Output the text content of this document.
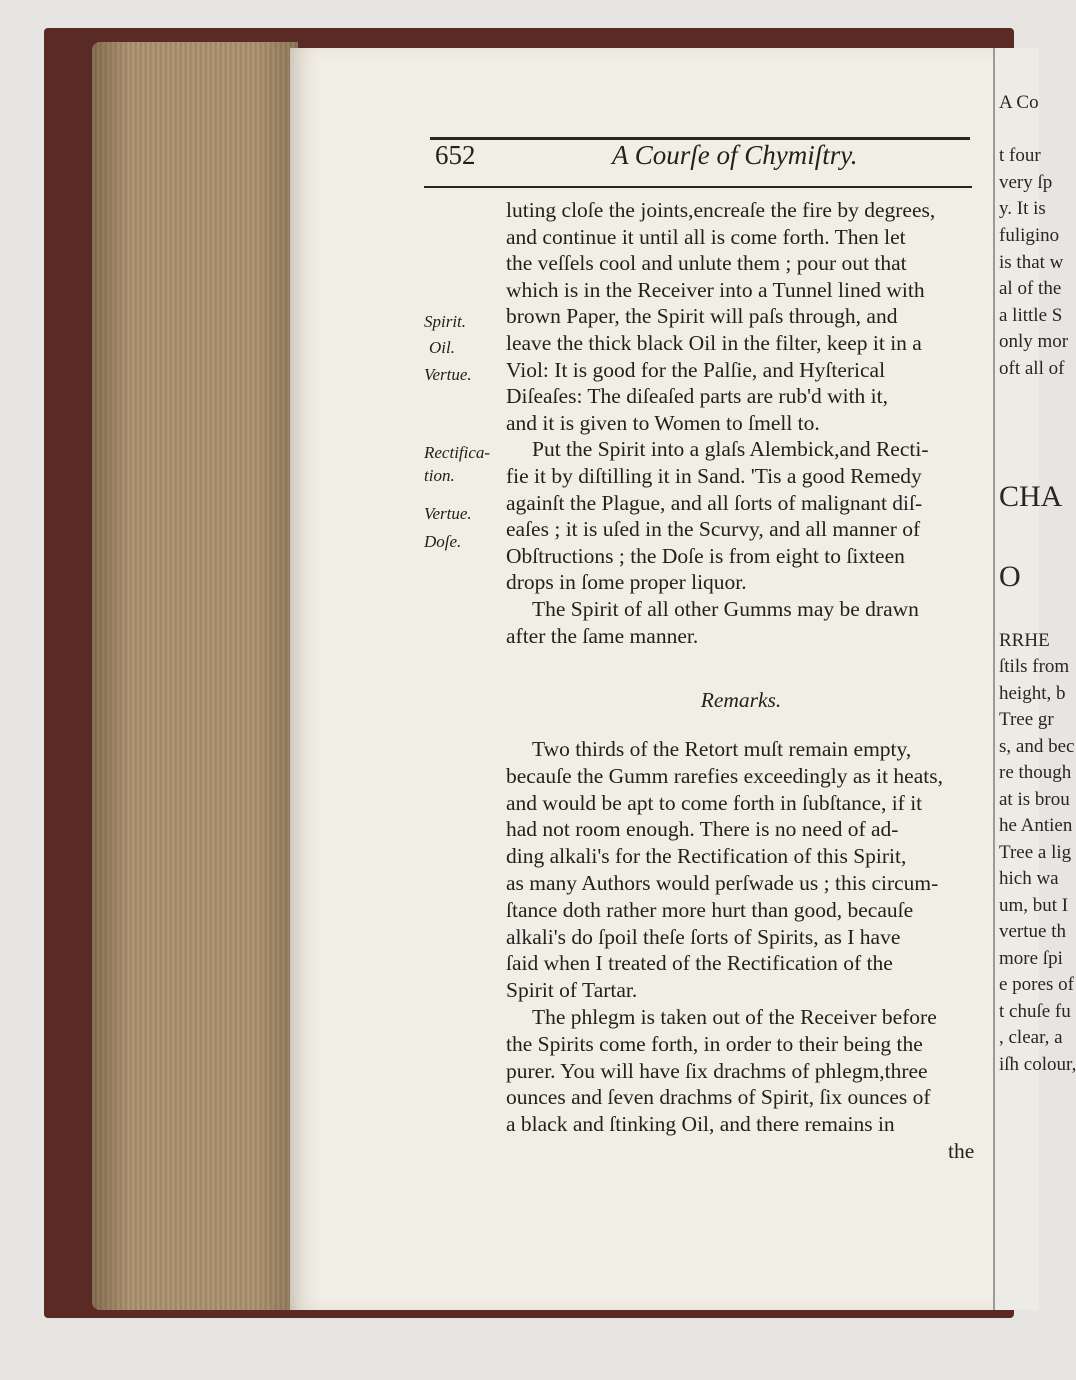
A Co
t four
very ſp
y. It is
fuligino
is that w
al of the
a little S
only mor
oft all of
CHA
O
RRHE
ſtils from
height, b
Tree gr
s, and bec
re though
at is brou
he Antien
Tree a lig
hich wa
um, but I
vertue th
more ſpi
e pores of
t chuſe fu
, clear, a
iſh colour,
652	A Courſe of Chymiſtry.
Spirit.
Oil.
Vertue.
Rectifica-
tion.
Vertue.
Doſe.
luting cloſe the joints,encreaſe the fire by degrees,
and continue it until all is come forth. Then let
the veſſels cool and unlute them ; pour out that
which is in the Receiver into a Tunnel lined with
brown Paper, the Spirit will paſs through, and
leave the thick black Oil in the filter, keep it in a
Viol: It is good for the Palſie, and Hyſterical
Diſeaſes: The diſeaſed parts are rub'd with it,
and it is given to Women to ſmell to.
Put the Spirit into a glaſs Alembick,and Recti-
fie it by diſtilling it in Sand. 'Tis a good Remedy
againſt the Plague, and all ſorts of malignant diſ-
eaſes ; it is uſed in the Scurvy, and all manner of
Obſtructions ; the Doſe is from eight to ſixteen
drops in ſome proper liquor.
The Spirit of all other Gumms may be drawn
after the ſame manner.
Remarks.
Two thirds of the Retort muſt remain empty,
becauſe the Gumm rarefies exceedingly as it heats,
and would be apt to come forth in ſubſtance, if it
had not room enough. There is no need of ad-
ding alkali's for the Rectification of this Spirit,
as many Authors would perſwade us ; this circum-
ſtance doth rather more hurt than good, becauſe
alkali's do ſpoil theſe ſorts of Spirits, as I have
ſaid when I treated of the Rectification of the
Spirit of Tartar.
The phlegm is taken out of the Receiver before
the Spirits come forth, in order to their being the
purer. You will have ſix drachms of phlegm,three
ounces and ſeven drachms of Spirit, ſix ounces of
a black and ſtinking Oil, and there remains in
the
